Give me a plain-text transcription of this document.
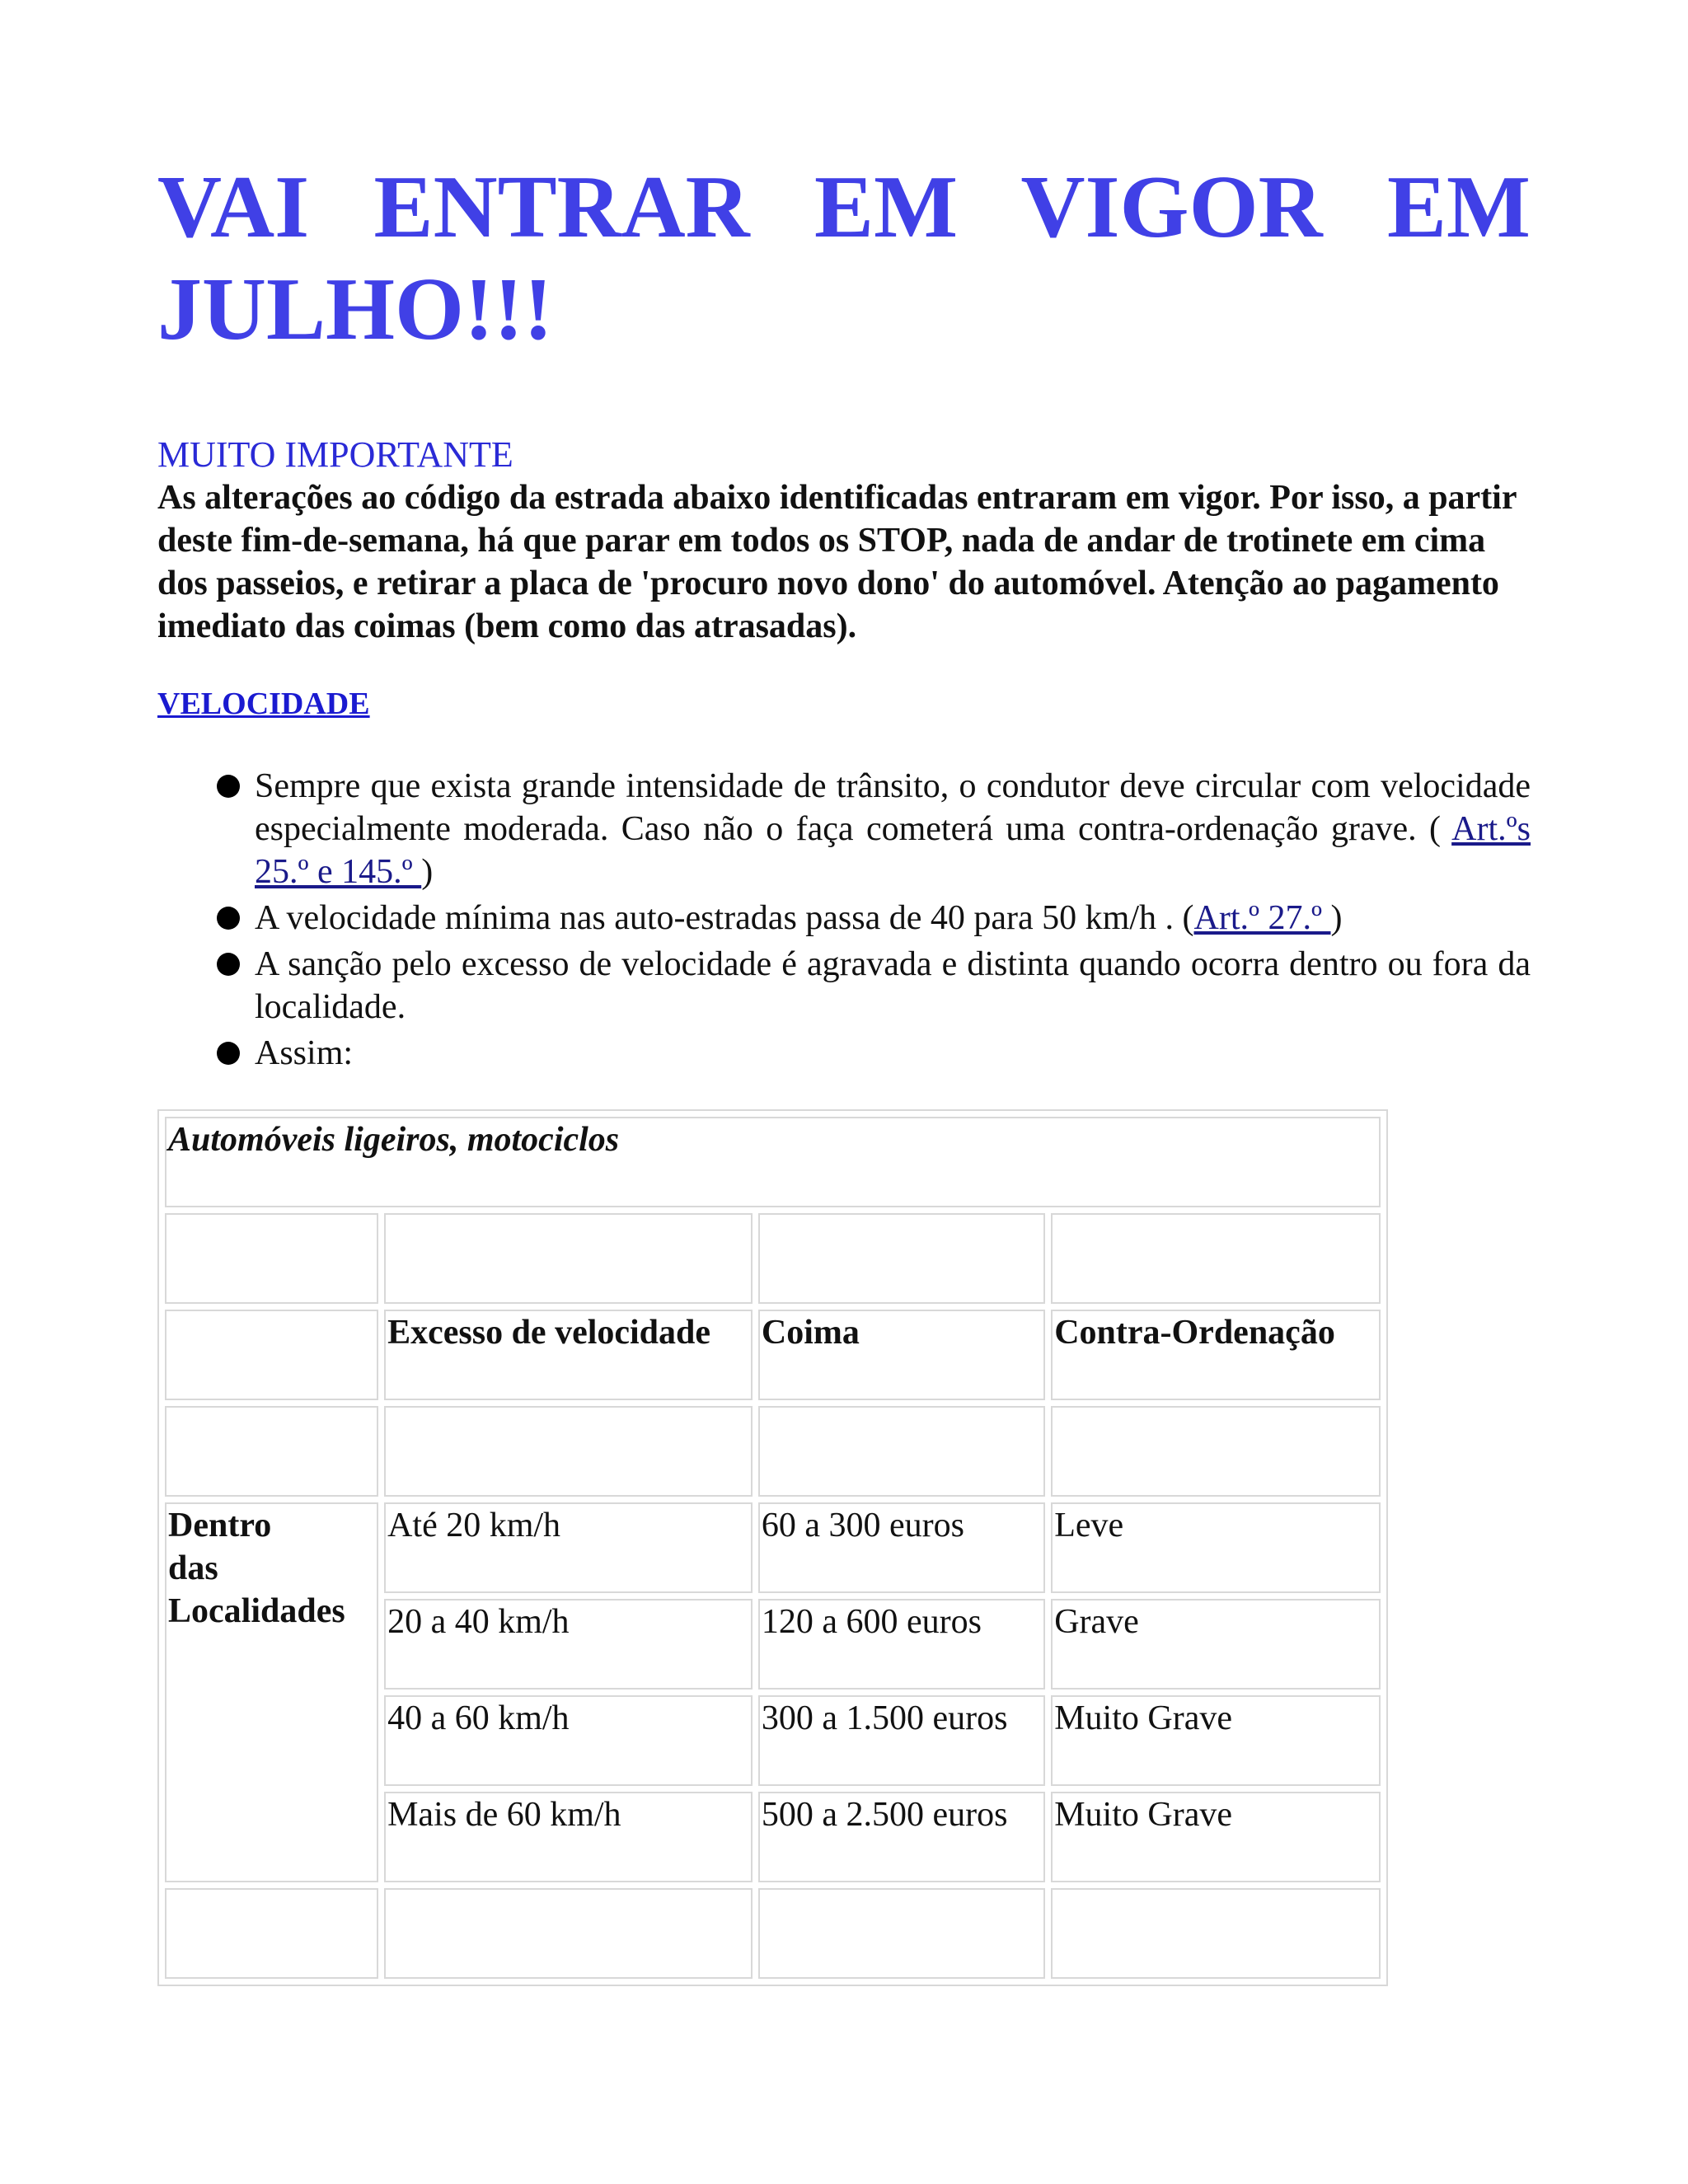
VAI ENTRAR EM VIGOR EM JULHO!!!
MUITO IMPORTANTE

As alterações ao código da estrada abaixo identificadas entraram em vigor. Por isso, a partir deste fim-de-semana, há que parar em todos os STOP, nada de andar de trotinete em cima dos passeios, e retirar a placa de 'procuro novo dono' do automóvel. Atenção ao pagamento imediato das coimas (bem como das atrasadas).

VELOCIDADE
Sempre que exista grande intensidade de trânsito, o condutor deve circular com velocidade especialmente moderada. Caso não o faça cometerá uma contra-ordenação grave. ( Art.ºs 25.º e 145.º )
A velocidade mínima nas auto-estradas passa de 40 para 50 km/h . (Art.º 27.º )
A sanção pelo excesso de velocidade é agravada e distinta quando ocorra dentro ou fora da localidade.
Assim:
Automóveis ligeiros, motociclos			

	Excesso de velocidade	Coima	Contra-Ordenação

Dentro
das
Localidades	Até 20 km/h	60 a 300 euros	Leve
	20 a 40 km/h	120 a 600 euros	Grave
	40 a 60 km/h	300 a 1.500 euros	Muito Grave
	Mais de 60 km/h	500 a 2.500 euros	Muito Grave
